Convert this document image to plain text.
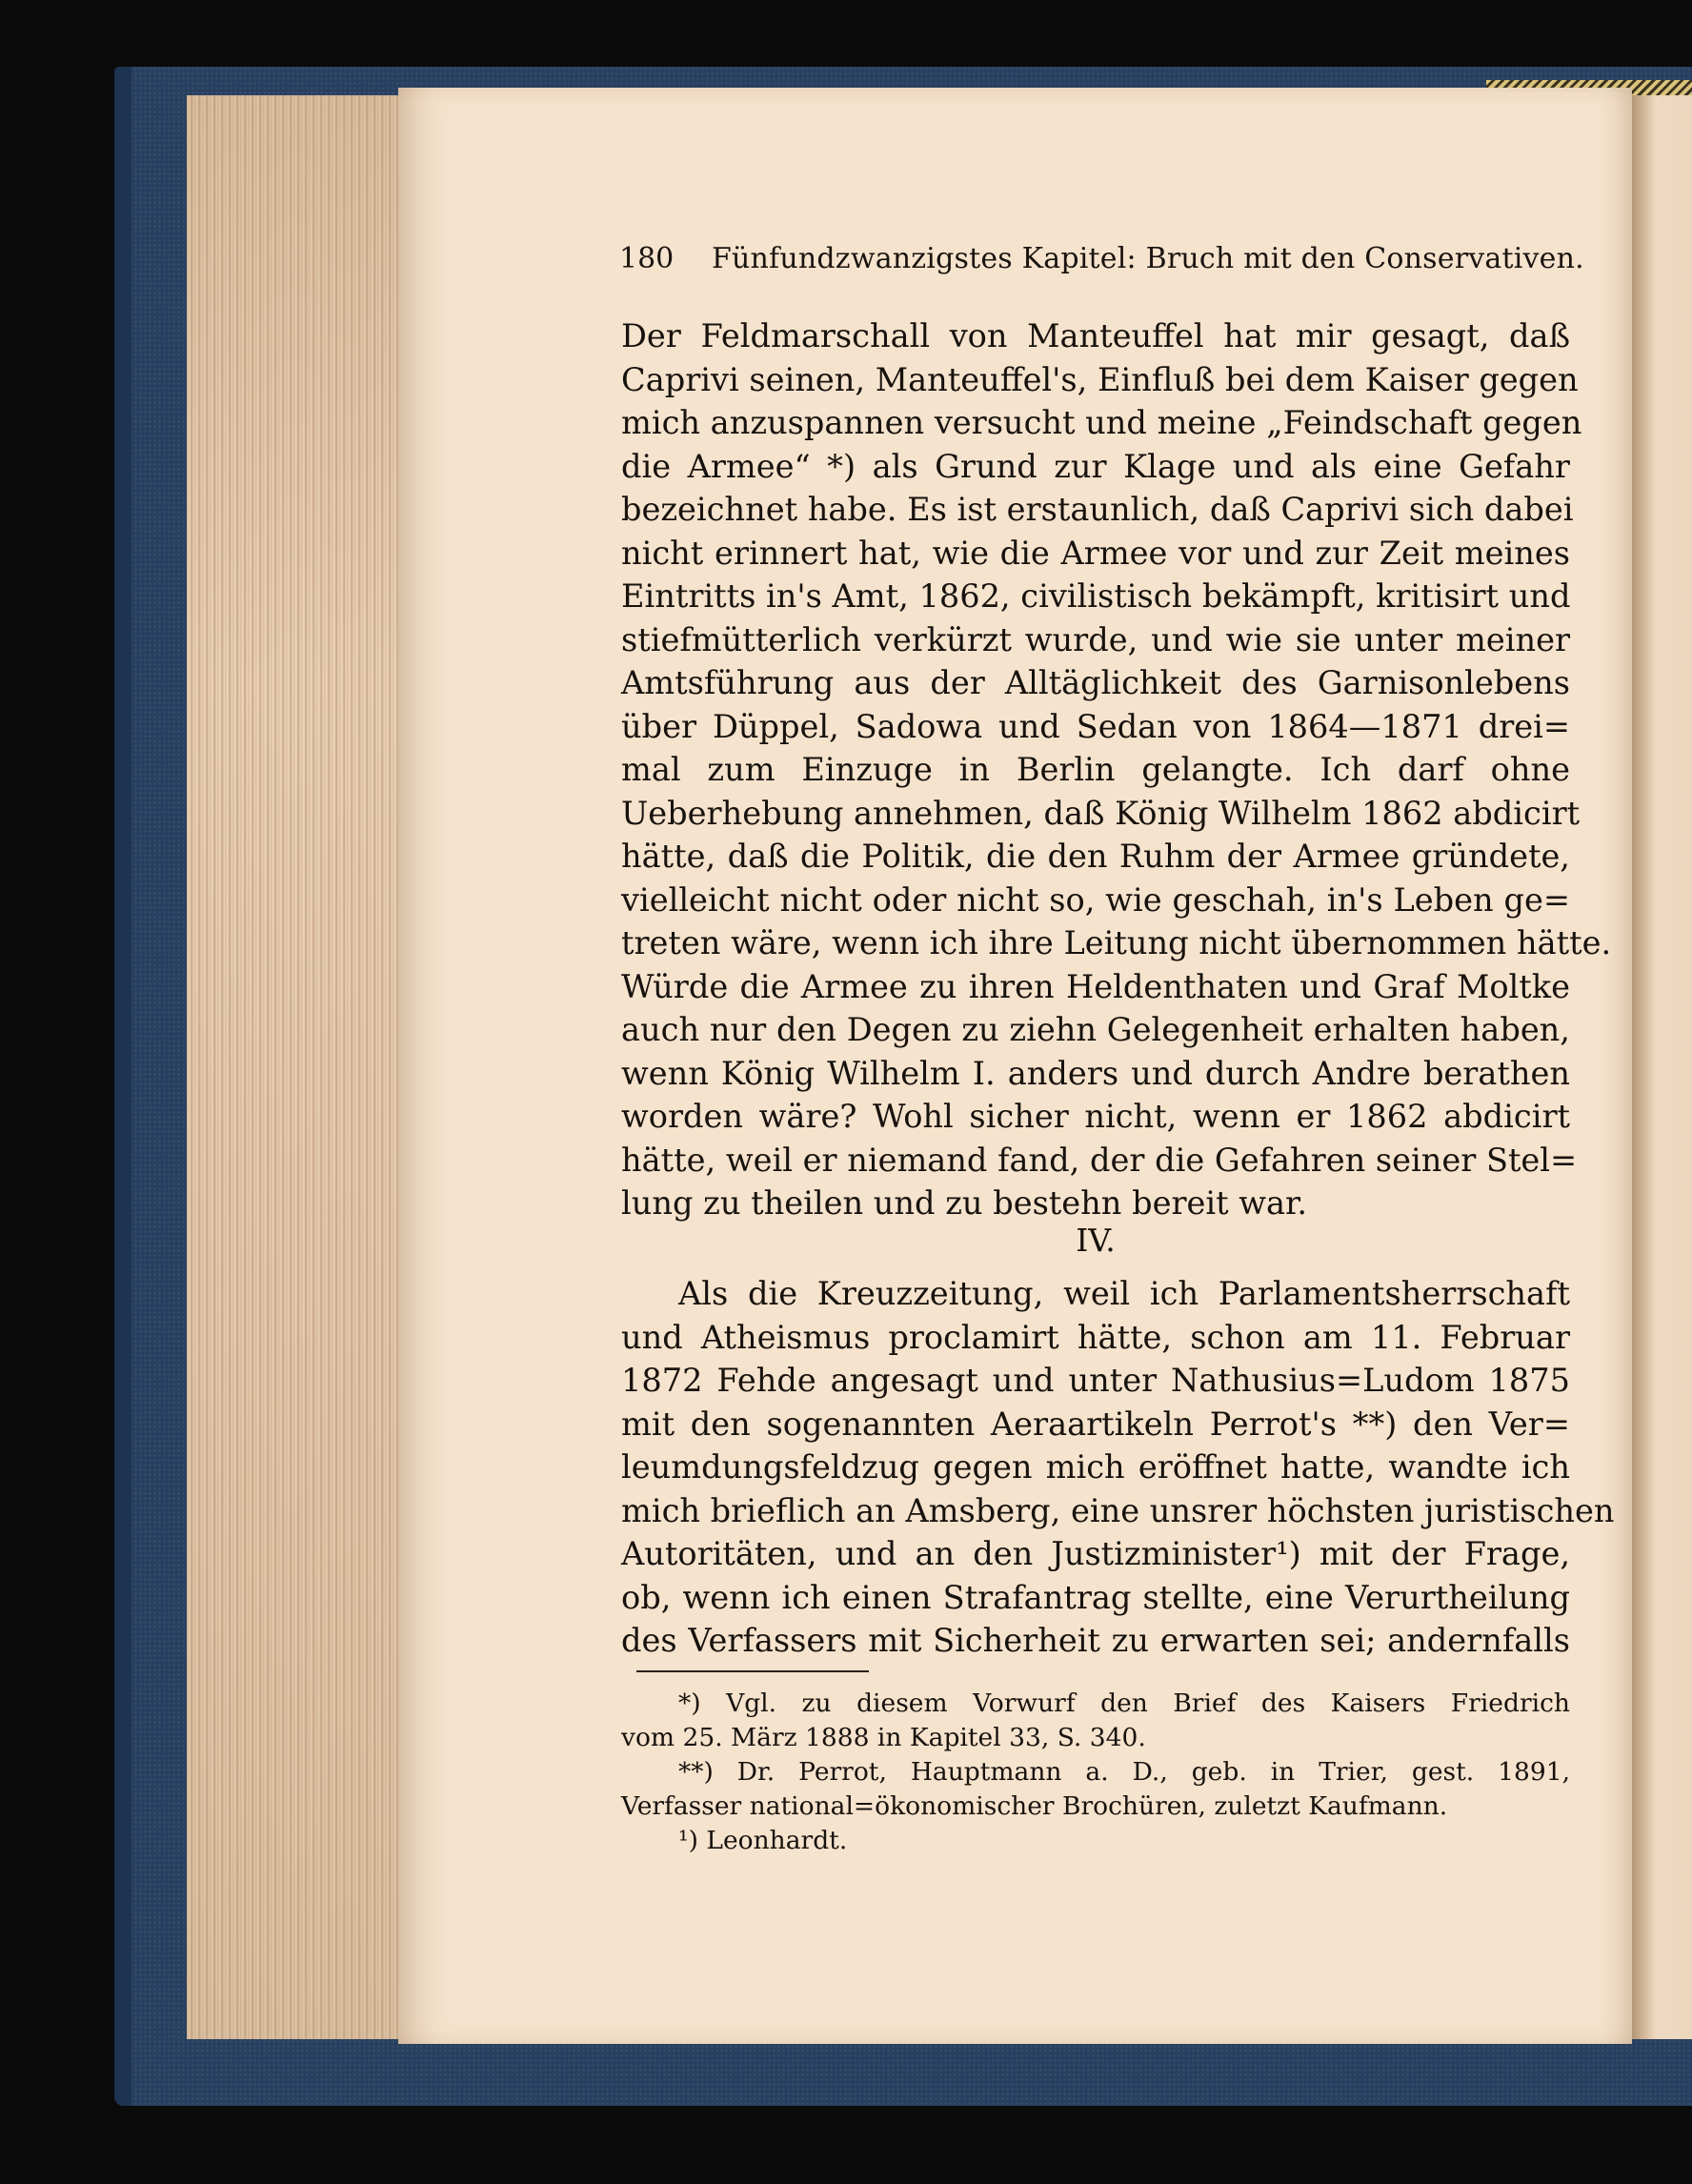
180 Fünfundzwanzigstes Kapitel: Bruch mit den Conservativen.
Der Feldmarschall von Manteuffel hat mir gesagt, daß
Caprivi seinen, Manteuffel's, Einfluß bei dem Kaiser gegen
mich anzuspannen versucht und meine „Feindschaft gegen
die Armee“ *) als Grund zur Klage und als eine Gefahr
bezeichnet habe. Es ist erstaunlich, daß Caprivi sich dabei
nicht erinnert hat, wie die Armee vor und zur Zeit meines
Eintritts in's Amt, 1862, civilistisch bekämpft, kritisirt und
stiefmütterlich verkürzt wurde, und wie sie unter meiner
Amtsführung aus der Alltäglichkeit des Garnisonlebens
über Düppel, Sadowa und Sedan von 1864—1871 drei=
mal zum Einzuge in Berlin gelangte. Ich darf ohne
Ueberhebung annehmen, daß König Wilhelm 1862 abdicirt
hätte, daß die Politik, die den Ruhm der Armee gründete,
vielleicht nicht oder nicht so, wie geschah, in's Leben ge=
treten wäre, wenn ich ihre Leitung nicht übernommen hätte.
Würde die Armee zu ihren Heldenthaten und Graf Moltke
auch nur den Degen zu ziehn Gelegenheit erhalten haben,
wenn König Wilhelm I. anders und durch Andre berathen
worden wäre? Wohl sicher nicht, wenn er 1862 abdicirt
hätte, weil er niemand fand, der die Gefahren seiner Stel=
lung zu theilen und zu bestehn bereit war.
IV.
Als die Kreuzzeitung, weil ich Parlamentsherrschaft
und Atheismus proclamirt hätte, schon am 11. Februar
1872 Fehde angesagt und unter Nathusius=Ludom 1875
mit den sogenannten Aeraartikeln Perrot's **) den Ver=
leumdungsfeldzug gegen mich eröffnet hatte, wandte ich
mich brieflich an Amsberg, eine unsrer höchsten juristischen
Autoritäten, und an den Justizminister¹) mit der Frage,
ob, wenn ich einen Strafantrag stellte, eine Verurtheilung
des Verfassers mit Sicherheit zu erwarten sei; andernfalls
*) Vgl. zu diesem Vorwurf den Brief des Kaisers Friedrich
vom 25. März 1888 in Kapitel 33, S. 340.
**) Dr. Perrot, Hauptmann a. D., geb. in Trier, gest. 1891,
Verfasser national=ökonomischer Brochüren, zuletzt Kaufmann.
¹) Leonhardt.
